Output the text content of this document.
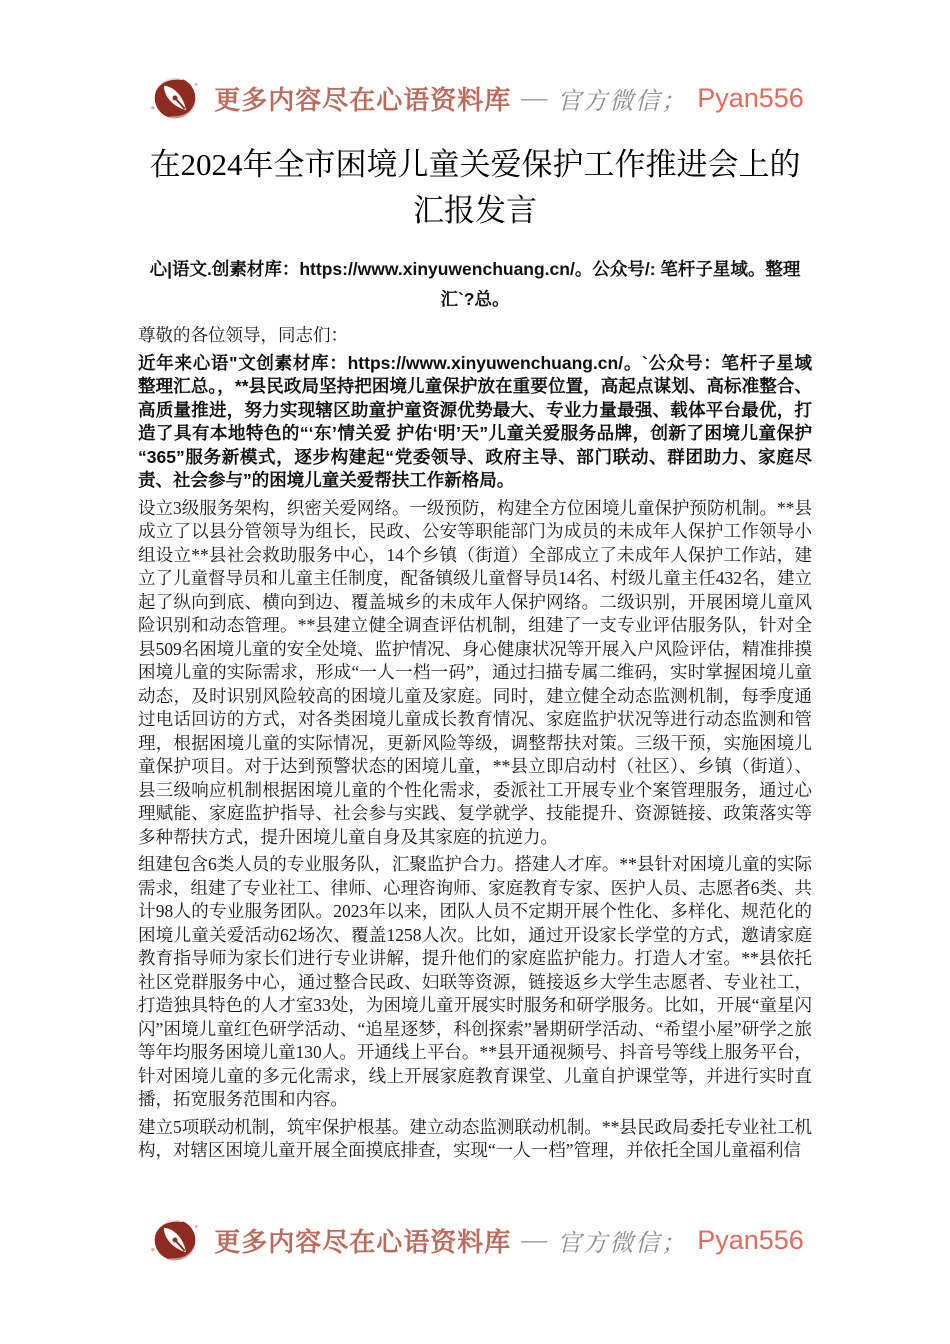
更多内容尽在心语资料库 — 官方微信； Pyan556
在2024年全市困境儿童关爱保护工作推进会上的汇报发言
心|语文.创素材库：https://www.xinyuwenchuang.cn/。公众号/: 笔杆子星域。整理汇`?总。

尊敬的各位领导，同志们：

近年来心语"文创素材库：https://www.xinyuwenchuang.cn/。`公众号：笔杆子星域整理汇总。，**县民政局坚持把困境儿童保护放在重要位置，高起点谋划、高标准整合、高质量推进，努力实现辖区助童护童资源优势最大、专业力量最强、载体平台最优，打造了具有本地特色的“‘东’情关爱 护佑‘明’天”儿童关爱服务品牌，创新了困境儿童保护“365”服务新模式，逐步构建起“党委领导、政府主导、部门联动、群团助力、家庭尽责、社会参与”的困境儿童关爱帮扶工作新格局。

设立3级服务架构，织密关爱网络。一级预防，构建全方位困境儿童保护预防机制。**县成立了以县分管领导为组长，民政、公安等职能部门为成员的未成年人保护工作领导小组设立**县社会救助服务中心，14个乡镇（街道）全部成立了未成年人保护工作站，建立了儿童督导员和儿童主任制度，配备镇级儿童督导员14名、村级儿童主任432名，建立起了纵向到底、横向到边、覆盖城乡的未成年人保护网络。二级识别，开展困境儿童风险识别和动态管理。**县建立健全调查评估机制，组建了一支专业评估服务队，针对全县509名困境儿童的安全处境、监护情况、身心健康状况等开展入户风险评估，精准排摸困境儿童的实际需求，形成“一人一档一码”，通过扫描专属二维码，实时掌握困境儿童动态，及时识别风险较高的困境儿童及家庭。同时，建立健全动态监测机制，每季度通过电话回访的方式，对各类困境儿童成长教育情况、家庭监护状况等进行动态监测和管理，根据困境儿童的实际情况，更新风险等级，调整帮扶对策。三级干预，实施困境儿童保护项目。对于达到预警状态的困境儿童，**县立即启动村（社区）、乡镇（街道）、县三级响应机制根据困境儿童的个性化需求，委派社工开展专业个案管理服务，通过心理赋能、家庭监护指导、社会参与实践、复学就学、技能提升、资源链接、政策落实等多种帮扶方式，提升困境儿童自身及其家庭的抗逆力。

组建包含6类人员的专业服务队，汇聚监护合力。搭建人才库。**县针对困境儿童的实际需求，组建了专业社工、律师、心理咨询师、家庭教育专家、医护人员、志愿者6类、共计98人的专业服务团队。2023年以来，团队人员不定期开展个性化、多样化、规范化的困境儿童关爱活动62场次、覆盖1258人次。比如，通过开设家长学堂的方式，邀请家庭教育指导师为家长们进行专业讲解，提升他们的家庭监护能力。打造人才室。**县依托社区党群服务中心，通过整合民政、妇联等资源，链接返乡大学生志愿者、专业社工，打造独具特色的人才室33处，为困境儿童开展实时服务和研学服务。比如，开展“童星闪闪”困境儿童红色研学活动、“追星逐梦，科创探索”暑期研学活动、“希望小屋”研学之旅等年均服务困境儿童130人。开通线上平台。**县开通视频号、抖音号等线上服务平台，针对困境儿童的多元化需求，线上开展家庭教育课堂、儿童自护课堂等，并进行实时直播，拓宽服务范围和内容。

建立5项联动机制，筑牢保护根基。建立动态监测联动机制。**县民政局委托专业社工机构，对辖区困境儿童开展全面摸底排查，实现“一人一档”管理，并依托全国儿童福利信

更多内容尽在心语资料库 — 官方微信； Pyan556
